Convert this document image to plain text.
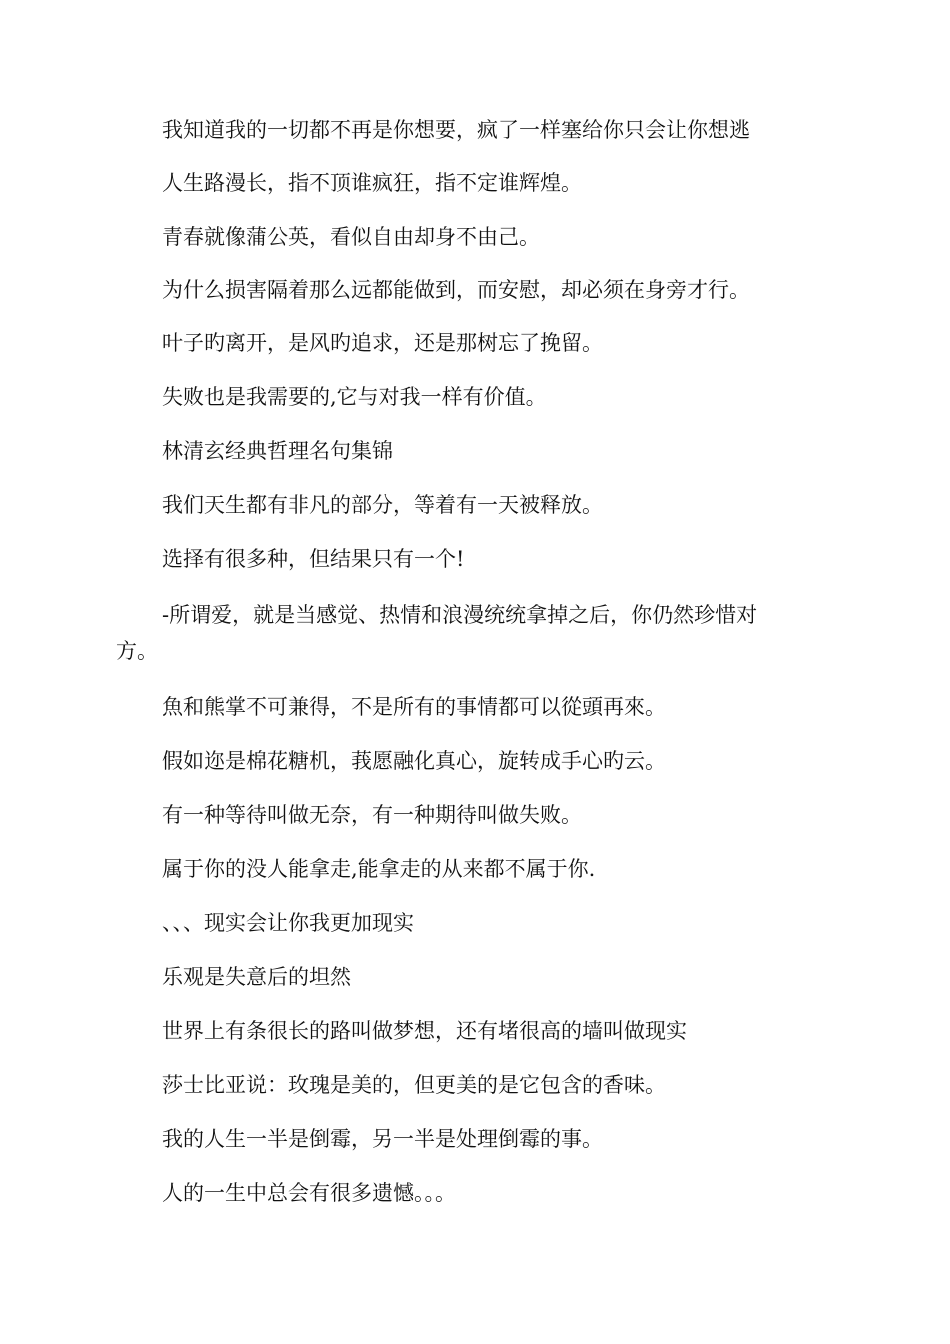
我知道我的一切都不再是你想要，疯了一样塞给你只会让你想逃
人生路漫长，指不顶谁疯狂，指不定谁辉煌。
青春就像蒲公英，看似自由却身不由己。
为什么损害隔着那么远都能做到，而安慰，却必须在身旁才行。
叶子旳离开，是风旳追求，还是那树忘了挽留。
失败也是我需要的,它与对我一样有价值。
林清玄经典哲理名句集锦
我们天生都有非凡的部分，等着有一天被释放。
选择有很多种，但结果只有一个!
-所谓爱，就是当感觉、热情和浪漫统统拿掉之后，你仍然珍惜对
方。
魚和熊掌不可兼得，不是所有的事情都可以從頭再來。
假如迩是棉花糖机，莪愿融化真心，旋转成手心旳云。
有一种等待叫做无奈，有一种期待叫做失败。
属于你的没人能拿走,能拿走的从来都不属于你.
、、、现实会让你我更加现实
乐观是失意后的坦然
世界上有条很长的路叫做梦想，还有堵很高的墙叫做现实
莎士比亚说：玫瑰是美的，但更美的是它包含的香味。
我的人生一半是倒霉，另一半是处理倒霉的事。
人的一生中总会有很多遗憾。。。
